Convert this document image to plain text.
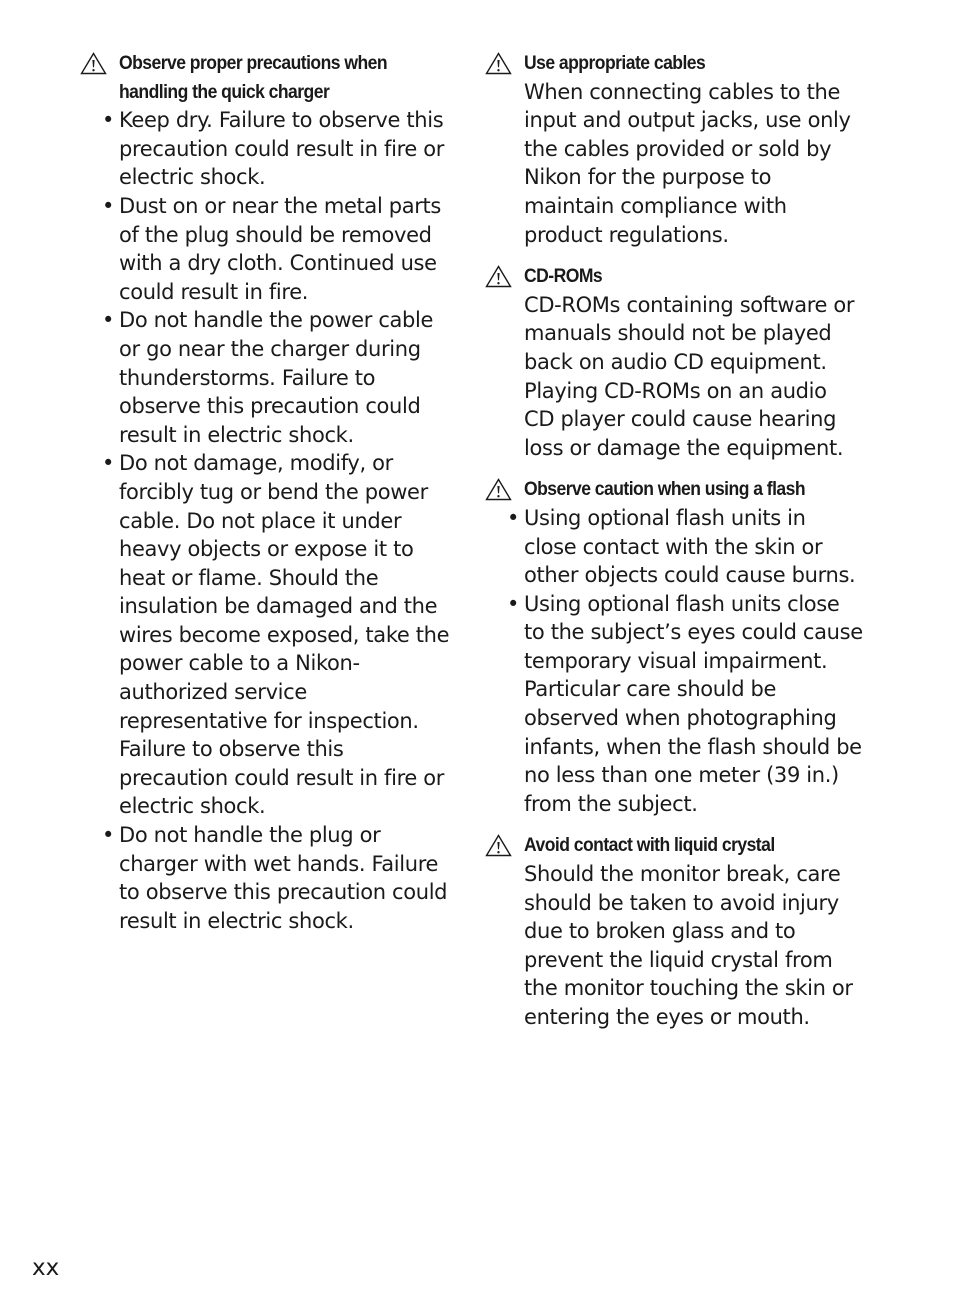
Observe proper precautions when
handling the quick charger
• Keep dry. Failure to observe this
precaution could result in fire or
electric shock.
• Dust on or near the metal parts
of the plug should be removed
with a dry cloth. Continued use
could result in fire.
• Do not handle the power cable
or go near the charger during
thunderstorms. Failure to
observe this precaution could
result in electric shock.
• Do not damage, modify, or
forcibly tug or bend the power
cable. Do not place it under
heavy objects or expose it to
heat or flame. Should the
insulation be damaged and the
wires become exposed, take the
power cable to a Nikon-
authorized service
representative for inspection.
Failure to observe this
precaution could result in fire or
electric shock.
• Do not handle the plug or
charger with wet hands. Failure
to observe this precaution could
result in electric shock.
Use appropriate cables
When connecting cables to the
input and output jacks, use only
the cables provided or sold by
Nikon for the purpose to
maintain compliance with
product regulations.
CD-ROMs
CD-ROMs containing software or
manuals should not be played
back on audio CD equipment.
Playing CD-ROMs on an audio
CD player could cause hearing
loss or damage the equipment.
Observe caution when using a flash
• Using optional flash units in
close contact with the skin or
other objects could cause burns.
• Using optional flash units close
to the subject’s eyes could cause
temporary visual impairment.
Particular care should be
observed when photographing
infants, when the flash should be
no less than one meter (39 in.)
from the subject.
Avoid contact with liquid crystal
Should the monitor break, care
should be taken to avoid injury
due to broken glass and to
prevent the liquid crystal from
the monitor touching the skin or
entering the eyes or mouth.
xx
